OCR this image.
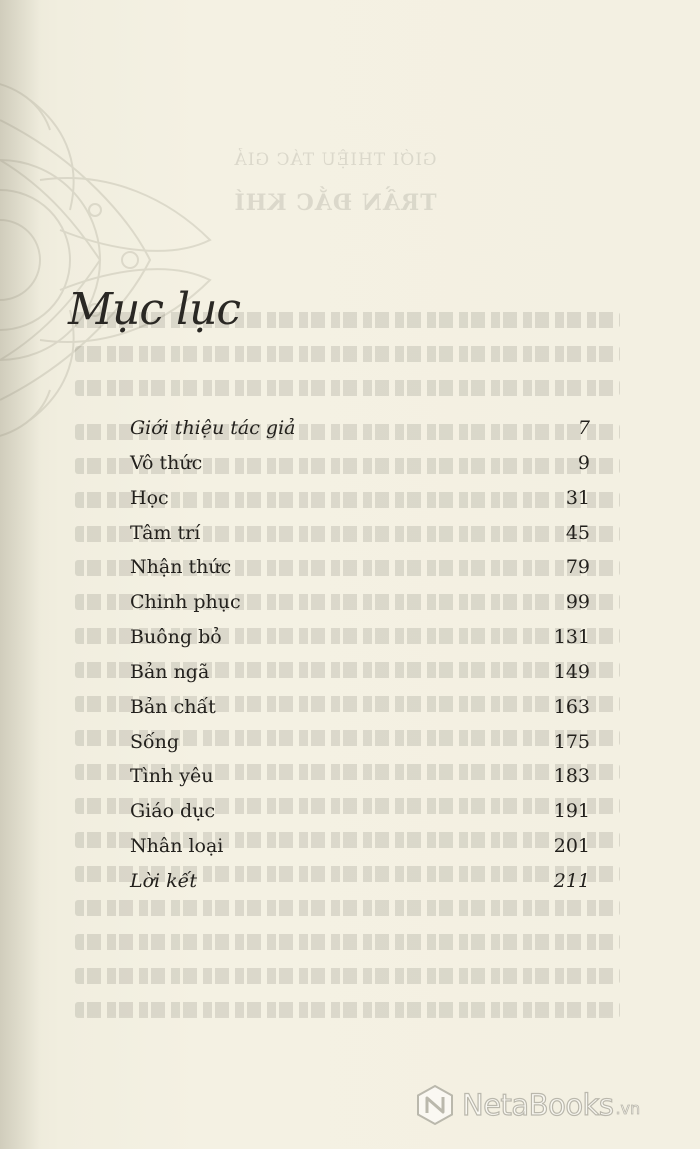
GIỚI THIỆU TÁC GIẢ
TRẦN ĐẮC KHÍ
Mục lục
Giới thiệu tác giả	7
Vô thức	9
Học	31
Tâm trí	45
Nhận thức	79
Chinh phục	99
Buông bỏ	131
Bản ngã	149
Bản chất	163
Sống	175
Tình yêu	183
Giáo dục	191
Nhân loại	201
Lời kết	211
NetaBooks .vn
